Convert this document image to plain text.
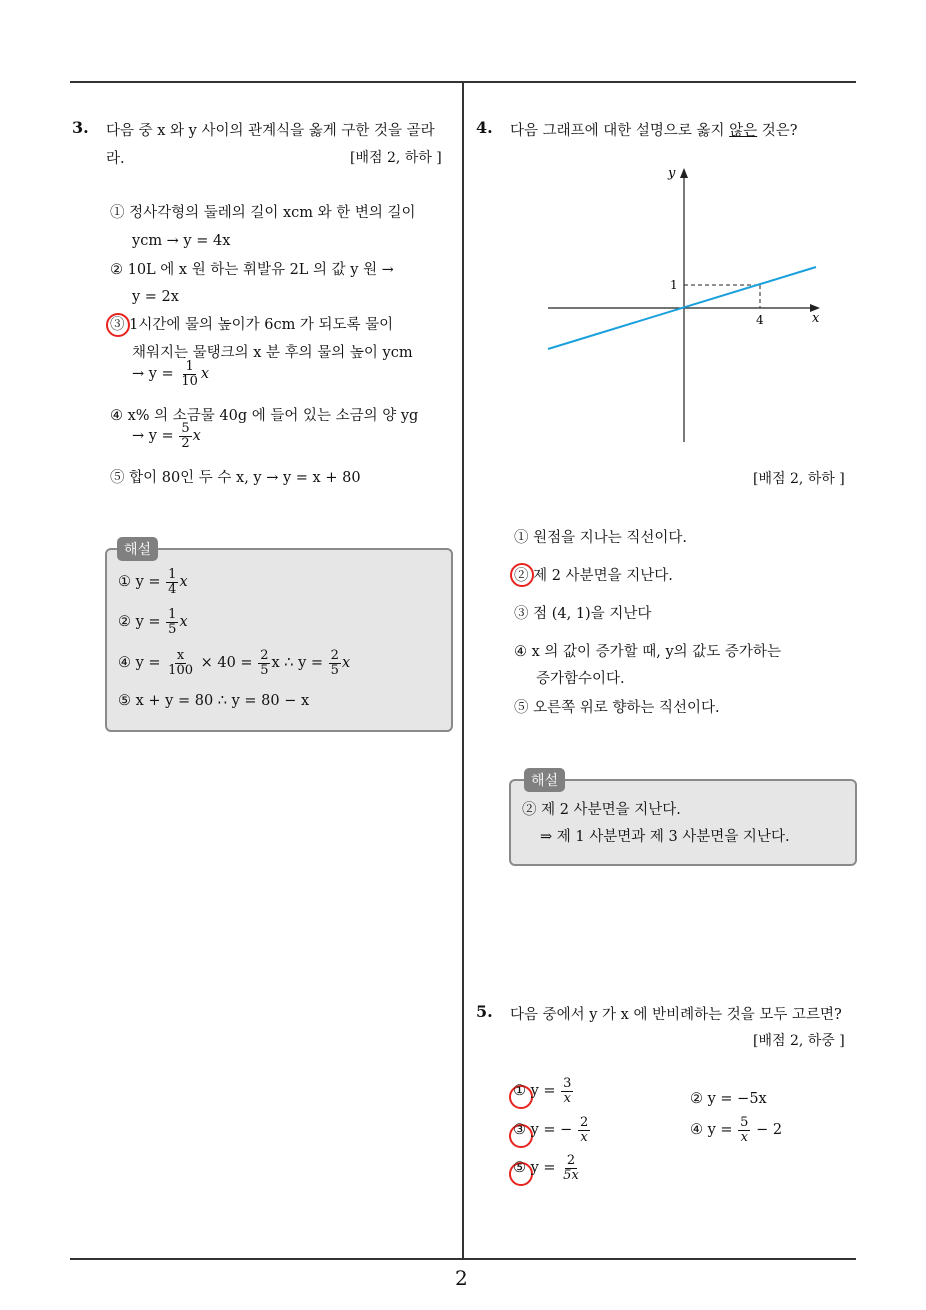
2
3. 다음 중 x 와 y 사이의 관계식을 옳게 구한 것을 골라
라.	[배점 2, 하하 ]
① 정사각형의 둘레의 길이 xcm 와 한 변의 길이
ycm → y = 4x
② 10L 에 x 원 하는 휘발유 2L 의 값 y 원 →
y = 2x
③ 1시간에 물의 높이가 6cm 가 되도록 물이
채워지는 물탱크의 x 분 후의 물의 높이 ycm
→ $y = \frac{1}{10}$ x
④ x% 의 소금물 40g 에 들어 있는 소금의 양 yg
→ $y = \frac{5}{2}$ x
⑤ 합이 80인 두 수 x, y → y = x + 80
해설
① $y = \frac{1}{4}$ x
② $y = \frac{1}{5}$ x
④ $y = \frac{x}{100} \times 40 = \frac{2}{5}$ x ∴ $y = \frac{2}{5}$ x
⑤ x + y = 80 ∴ y = 80 − x
4. 다음 그래프에 대한 설명으로 옳지 않은 것은?
y
x
1
4
[배점 2, 하하 ]
① 원점을 지나는 직선이다.
② 제 2 사분면을 지난다.
③ 점 (4, 1)을 지난다
④ x 의 값이 증가할 때, y의 값도 증가하는
증가함수이다.
⑤ 오른쪽 위로 향하는 직선이다.
해설
② 제 2 사분면을 지난다.
⇒ 제 1 사분면과 제 3 사분면을 지난다.
5. 다음 중에서 y 가 x 에 반비례하는 것을 모두 고르면?
[배점 2, 하중 ]
① $y = \frac{3}{x}$	② y = −5x
③ y = − $\frac{2}{x}$	④ $y = \frac{5}{x} - 2$
⑤ $y = \frac{2}{5x}$
